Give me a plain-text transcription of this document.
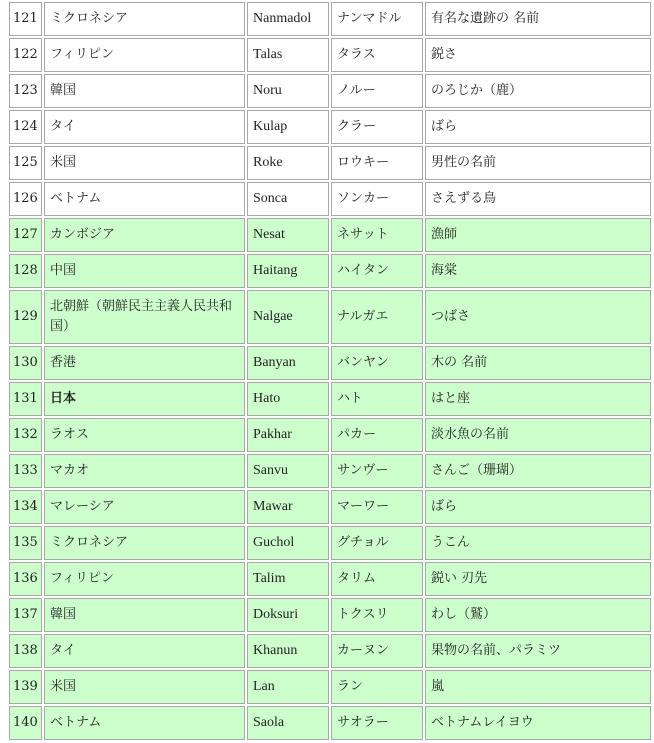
121	ミクロネシア	Nanmadol	ナンマドル	有名な遺跡の 名前
122	フィリピン	Talas	タラス	鋭さ
123	韓国	Noru	ノルー	のろじか（鹿）
124	タイ	Kulap	クラー	ばら
125	米国	Roke	ロウキー	男性の名前
126	ベトナム	Sonca	ソンカー	さえずる鳥
127	カンボジア	Nesat	ネサット	漁師
128	中国	Haitang	ハイタン	海棠
129	北朝鮮（朝鮮民主主義人民共和国）	Nalgae	ナルガエ	つばさ
130	香港	Banyan	バンヤン	木の 名前
131	日本	Hato	ハト	はと座
132	ラオス	Pakhar	パカー	淡水魚の名前
133	マカオ	Sanvu	サンヴー	さんご（珊瑚）
134	マレーシア	Mawar	マーワー	ばら
135	ミクロネシア	Guchol	グチョル	うこん
136	フィリピン	Talim	タリム	鋭い 刃先
137	韓国	Doksuri	トクスリ	わし（鷲）
138	タイ	Khanun	カーヌン	果物の名前、パラミツ
139	米国	Lan	ラン	嵐
140	ベトナム	Saola	サオラー	ベトナムレイヨウ
